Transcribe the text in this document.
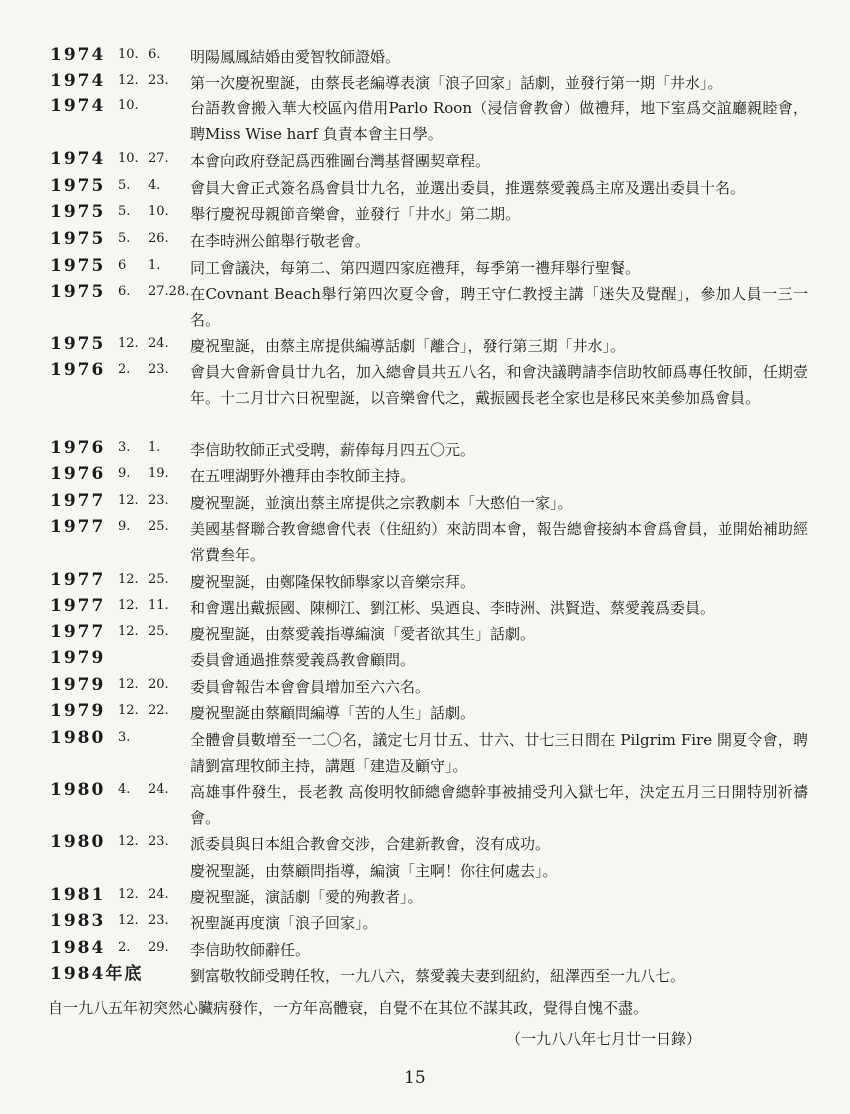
1974 10. 6.	明陽鳳鳳結婚由愛智牧師證婚。
1974 12. 23.	第一次慶祝聖誕，由蔡長老編導表演「浪子回家」話劇，並發行第一期「井水」。
1974 10.	台語教會搬入華大校區內借用Parlo Roon（浸信會教會）做禮拜，地下室爲交誼廳親睦會，聘Miss Wise harf 負責本會主日學。
1974 10. 27.	本會向政府登記爲西雅圖台灣基督團契章程。
1975 5.	4.	會員大會正式簽名爲會員廿九名，並選出委員，推選蔡愛義爲主席及選出委員十名。
1975 5.	10.	舉行慶祝母親節音樂會，並發行「井水」第二期。
1975 5.	26.	在李時洲公館舉行敬老會。
1975 6	1.	同工會議決，每第二、第四週四家庭禮拜，每季第一禮拜舉行聖餐。
1975 6.	27.28. 在Covnant Beach舉行第四次夏令會，聘王守仁教授主講「迷失及覺醒」，參加人員一三一名。
1975 12. 24.	慶祝聖誕，由蔡主席提供編導話劇「離合」，發行第三期「井水」。
1976 2.	23.	會員大會新會員廿九名，加入總會員共五八名，和會決議聘請李信助牧師爲專任牧師，任期壹年。十二月廿六日祝聖誕，以音樂會代之，戴振國長老全家也是移民來美參加爲會員。
1976 3.	1.	李信助牧師正式受聘，薪俸每月四五〇元。
1976 9.	19.	在五哩湖野外禮拜由李牧師主持。
1977 12. 23.	慶祝聖誕，並演出蔡主席提供之宗教劇本「大憨伯一家」。
1977 9.	25.	美國基督聯合教會總會代表（住紐約）來訪問本會，報告總會接納本會爲會員，並開始補助經常費叁年。
1977 12. 25.	慶祝聖誕，由鄭隆保牧師擧家以音樂宗拜。
1977 12. 11.	和會選出戴振國、陳柳江、劉江彬、吳迺良、李時洲、洪賢造、蔡愛義爲委員。
1977 12. 25.	慶祝聖誕，由蔡愛義指導編演「愛者欲其生」話劇。
1979	委員會通過推蔡愛義爲教會顧問。
1979 12. 20.	委員會報告本會會員增加至六六名。
1979 12. 22.	慶祝聖誕由蔡顧問編導「苦的人生」話劇。
1980 3.	全體會員數增至一二〇名，議定七月廿五、廿六、廿七三日間在 Pilgrim Fire 開夏令會，聘請劉富理牧師主持，講題「建造及顧守」。
1980 4.	24.	高雄事件發生，長老教 高俊明牧師總會總幹事被捕受刋入獄七年，決定五月三日開特別祈禱會。
1980 12. 23.	派委員與日本組合教會交涉，合建新教會，沒有成功。
慶祝聖誕，由蔡顧問指導，編演「主啊！你往何處去」。
1981 12. 24.	慶祝聖誕，演話劇「愛的殉教者」。
1983 12. 23.	祝聖誕再度演「浪子回家」。
1984 2.	29.	李信助牧師辭任。
1984年底	劉富敬牧師受聘任牧，一九八六，蔡愛義夫妻到紐約，紐澤西至一九八七。
自一九八五年初突然心臟病發作，一方年高體衰，自覺不在其位不謀其政，覺得自愧不盡。
（一九八八年七月廿一日錄）
15
